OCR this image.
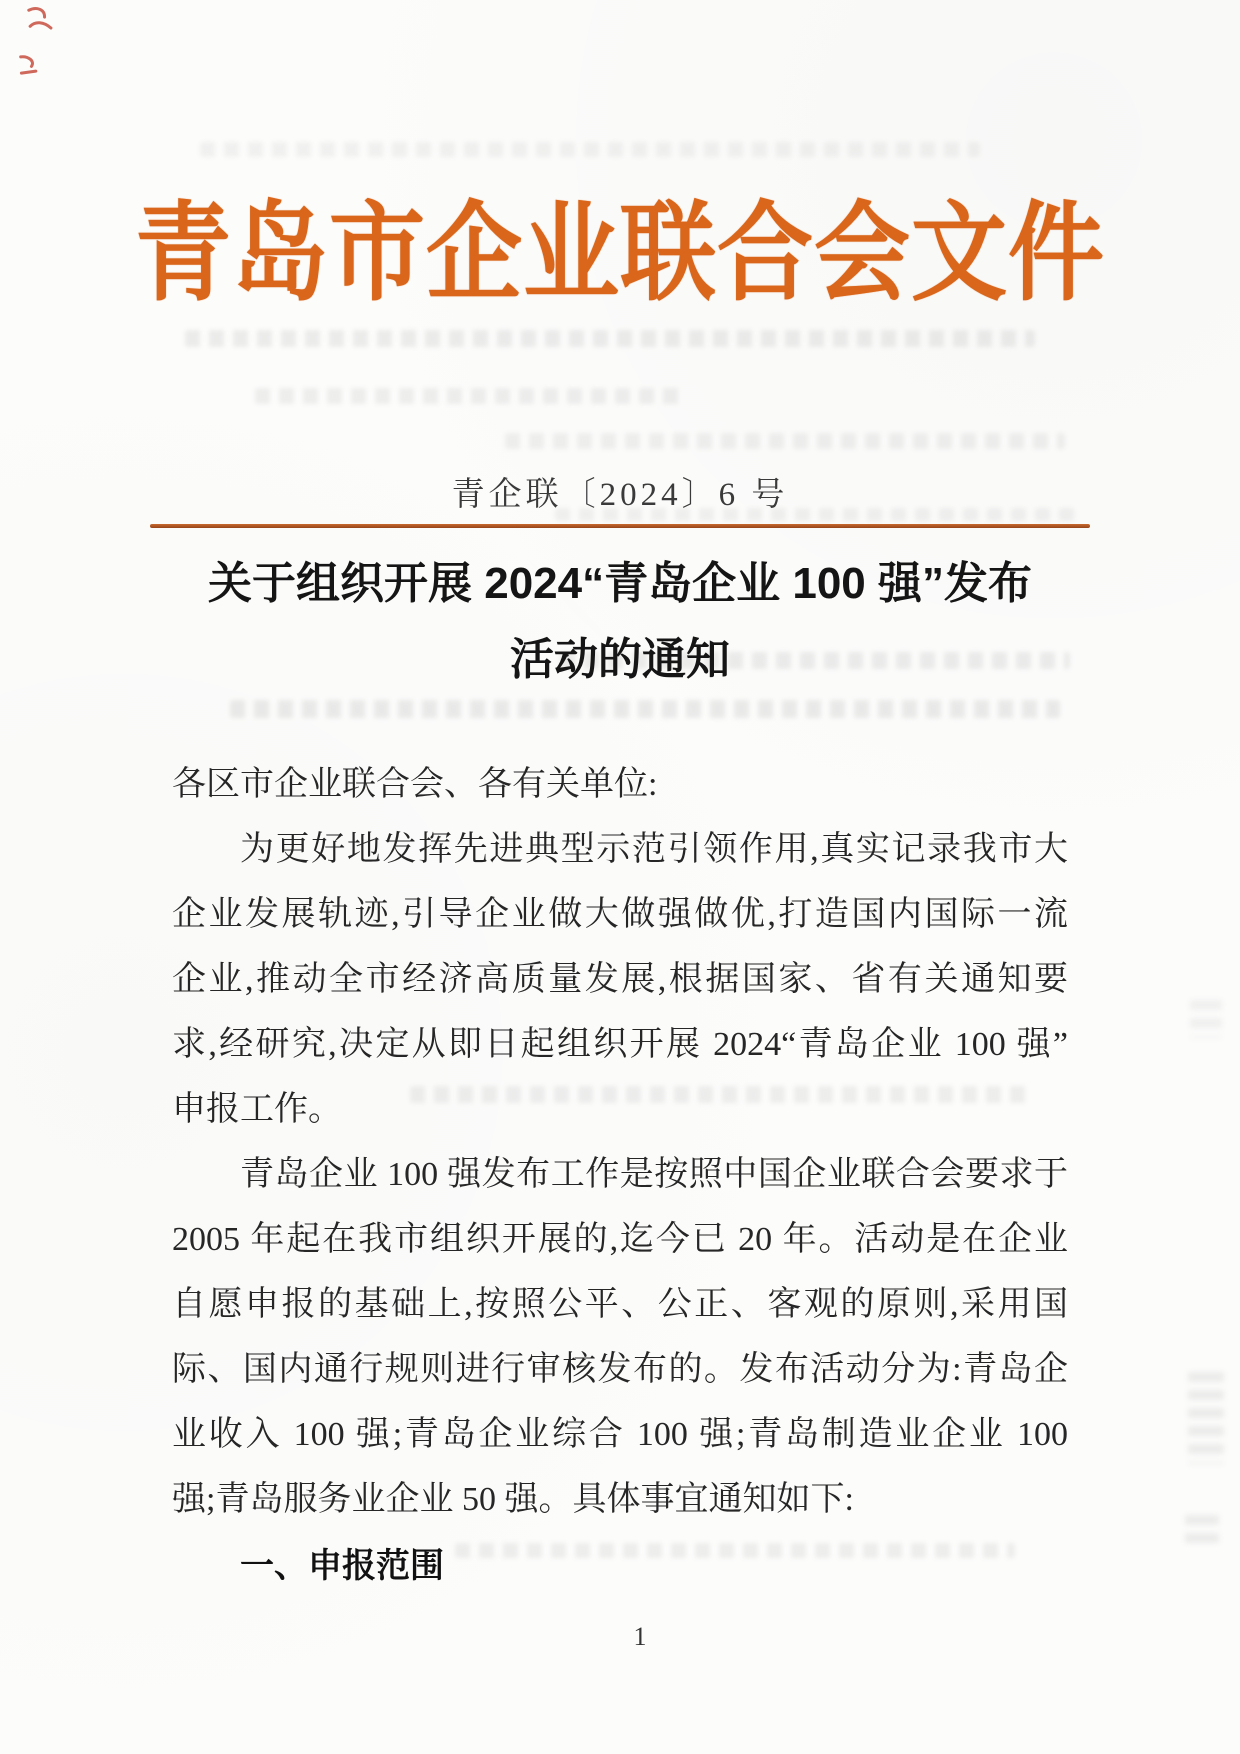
青岛市企业联合会文件
青企联〔2024〕6 号
关于组织开展 2024“青岛企业 100 强”发布
活动的通知
各区市企业联合会、各有关单位:
为更好地发挥先进典型示范引领作用,真实记录我市大
企业发展轨迹,引导企业做大做强做优,打造国内国际一流
企业,推动全市经济高质量发展,根据国家、省有关通知要
求,经研究,决定从即日起组织开展 2024“青岛企业 100 强”
申报工作。
青岛企业 100 强发布工作是按照中国企业联合会要求于
2005 年起在我市组织开展的,迄今已 20 年。活动是在企业
自愿申报的基础上,按照公平、公正、客观的原则,采用国
际、国内通行规则进行审核发布的。发布活动分为:青岛企
业收入 100 强;青岛企业综合 100 强;青岛制造业企业 100
强;青岛服务业企业 50 强。具体事宜通知如下:
一、申报范围
1
